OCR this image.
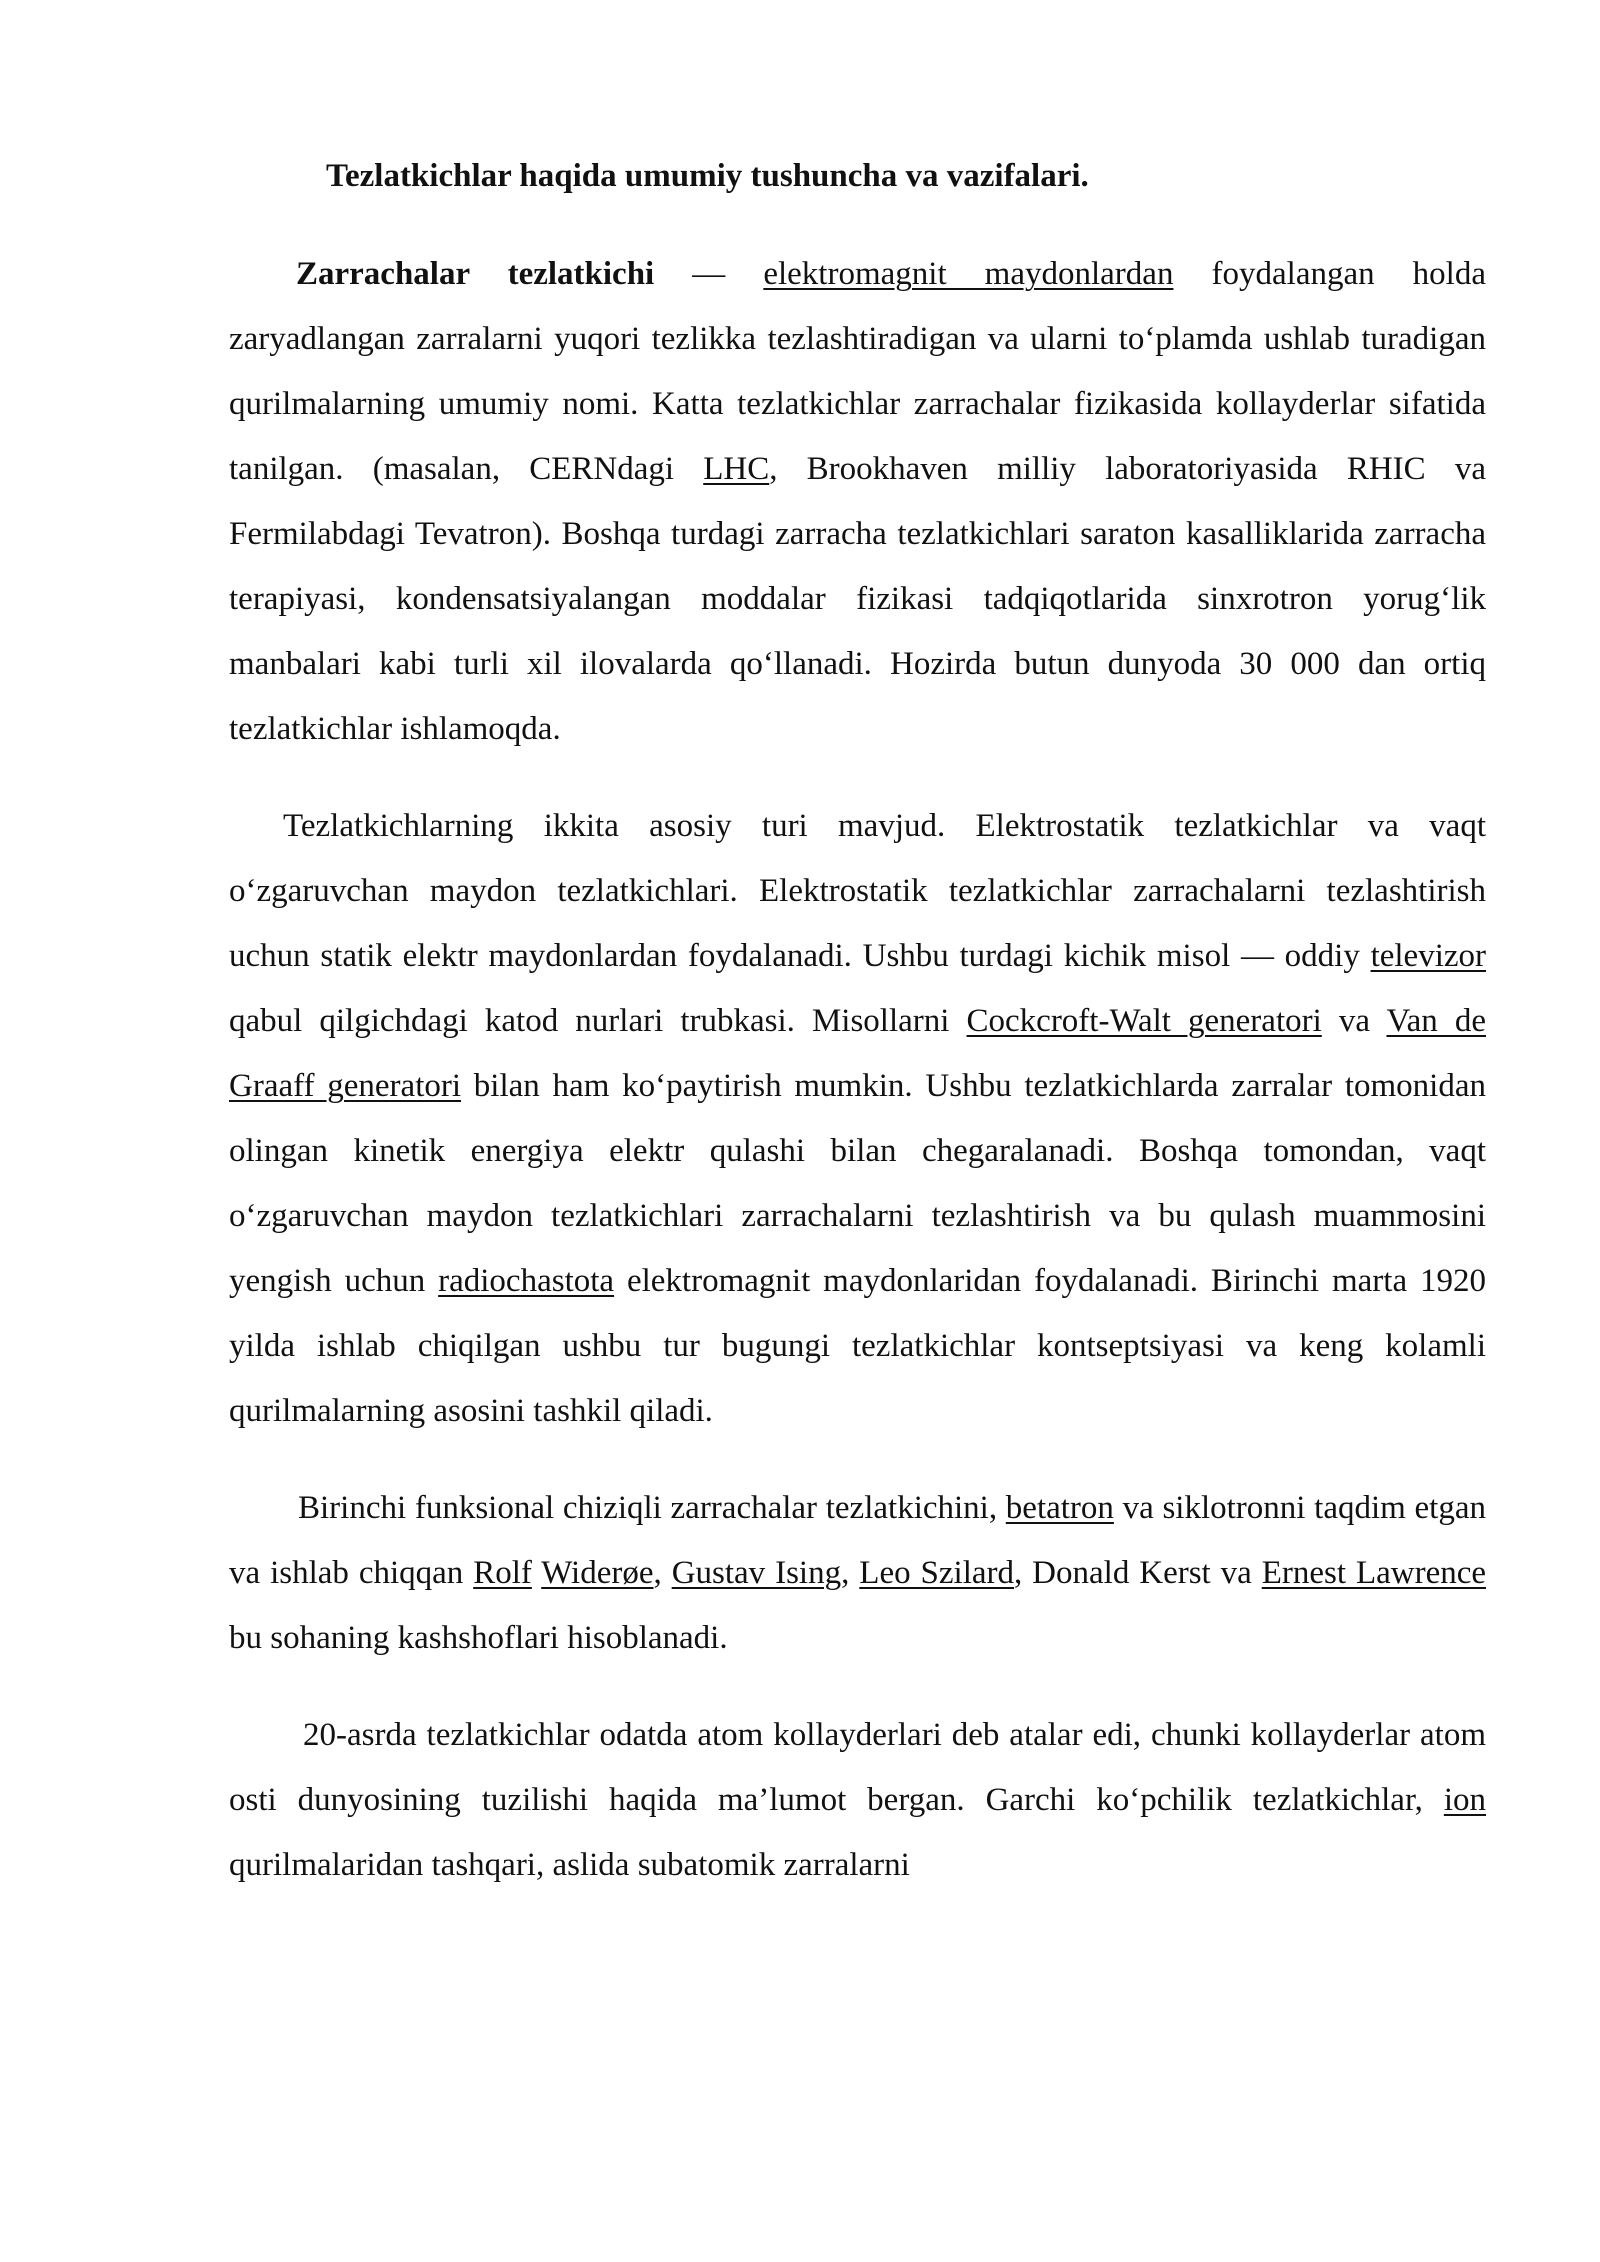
Tezlatkichlar haqida umumiy tushuncha va vazifalari.

Zarrachalar tezlatkichi — elektromagnit maydonlardan foydalangan holda zaryadlangan zarralarni yuqori tezlikka tezlashtiradigan va ularni to‘plamda ushlab turadigan qurilmalarning umumiy nomi. Katta tezlatkichlar zarrachalar fizikasida kollayderlar sifatida tanilgan. (masalan, CERNdagi LHC, Brookhaven milliy laboratoriyasida RHIC va Fermilabdagi Tevatron). Boshqa turdagi zarracha tezlatkichlari saraton kasalliklarida zarracha terapiyasi, kondensatsiyalangan moddalar fizikasi tadqiqotlarida sinxrotron yorug‘lik manbalari kabi turli xil ilovalarda qo‘llanadi. Hozirda butun dunyoda 30 000 dan ortiq tezlatkichlar ishlamoqda.

Tezlatkichlarning ikkita asosiy turi mavjud. Elektrostatik tezlatkichlar va vaqt o‘zgaruvchan maydon tezlatkichlari. Elektrostatik tezlatkichlar zarrachalarni tezlashtirish uchun statik elektr maydonlardan foydalanadi. Ushbu turdagi kichik misol — oddiy televizor qabul qilgichdagi katod nurlari trubkasi. Misollarni Cockcroft-Walt generatori va Van de Graaff generatori bilan ham ko‘paytirish mumkin. Ushbu tezlatkichlarda zarralar tomonidan olingan kinetik energiya elektr qulashi bilan chegaralanadi. Boshqa tomondan, vaqt o‘zgaruvchan maydon tezlatkichlari zarrachalarni tezlashtirish va bu qulash muammosini yengish uchun radiochastota elektromagnit maydonlaridan foydalanadi. Birinchi marta 1920 yilda ishlab chiqilgan ushbu tur bugungi tezlatkichlar kontseptsiyasi va keng kolamli qurilmalarning asosini tashkil qiladi.

Birinchi funksional chiziqli zarrachalar tezlatkichini, betatron va siklotronni taqdim etgan va ishlab chiqqan Rolf Widerøe, Gustav Ising, Leo Szilard, Donald Kerst va Ernest Lawrence bu sohaning kashshoflari hisoblanadi.

20-asrda tezlatkichlar odatda atom kollayderlari deb atalar edi, chunki kollayderlar atom osti dunyosining tuzilishi haqida ma’lumot bergan. Garchi ko‘pchilik tezlatkichlar, ion qurilmalaridan tashqari, aslida subatomik zarralarni
